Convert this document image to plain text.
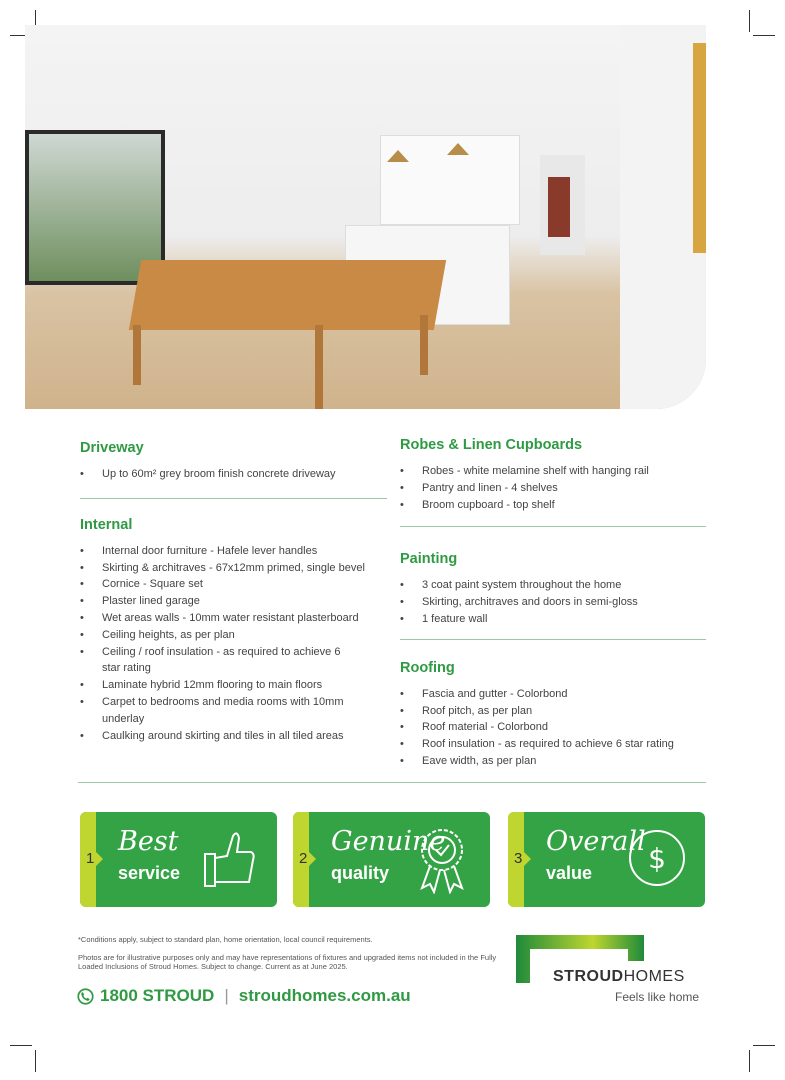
Driveway
• Up to 60m² grey broom finish concrete driveway
Internal
• Internal door furniture - Hafele lever handles
• Skirting & architraves - 67x12mm primed, single bevel
• Cornice - Square set
• Plaster lined garage
• Wet areas walls - 10mm water resistant plasterboard
• Ceiling heights, as per plan
• Ceiling / roof insulation - as required to achieve 6 star rating
• Laminate hybrid 12mm flooring to main floors
• Carpet to bedrooms and media rooms with 10mm underlay
• Caulking around skirting and tiles in all tiled areas
Robes & Linen Cupboards
• Robes - white melamine shelf with hanging rail
• Pantry and linen - 4 shelves
• Broom cupboard - top shelf
Painting
• 3 coat paint system throughout the home
• Skirting, architraves and doors in semi-gloss
• 1 feature wall
Roofing
• Fascia and gutter - Colorbond
• Roof pitch, as per plan
• Roof material - Colorbond
• Roof insulation - as required to achieve 6 star rating
• Eave width, as per plan
1
Best
service
2
Genuine
quality
3
Overall
value $

*Conditions apply, subject to standard plan, home orientation, local council requirements.

Photos are for illustrative purposes only and may have representations of fixtures and upgraded items not included in the Fully Loaded Inclusions of Stroud Homes. Subject to change. Current as at June 2025.

1800 STROUD | stroudhomes.com.au
STROUDHOMES
Feels like home
